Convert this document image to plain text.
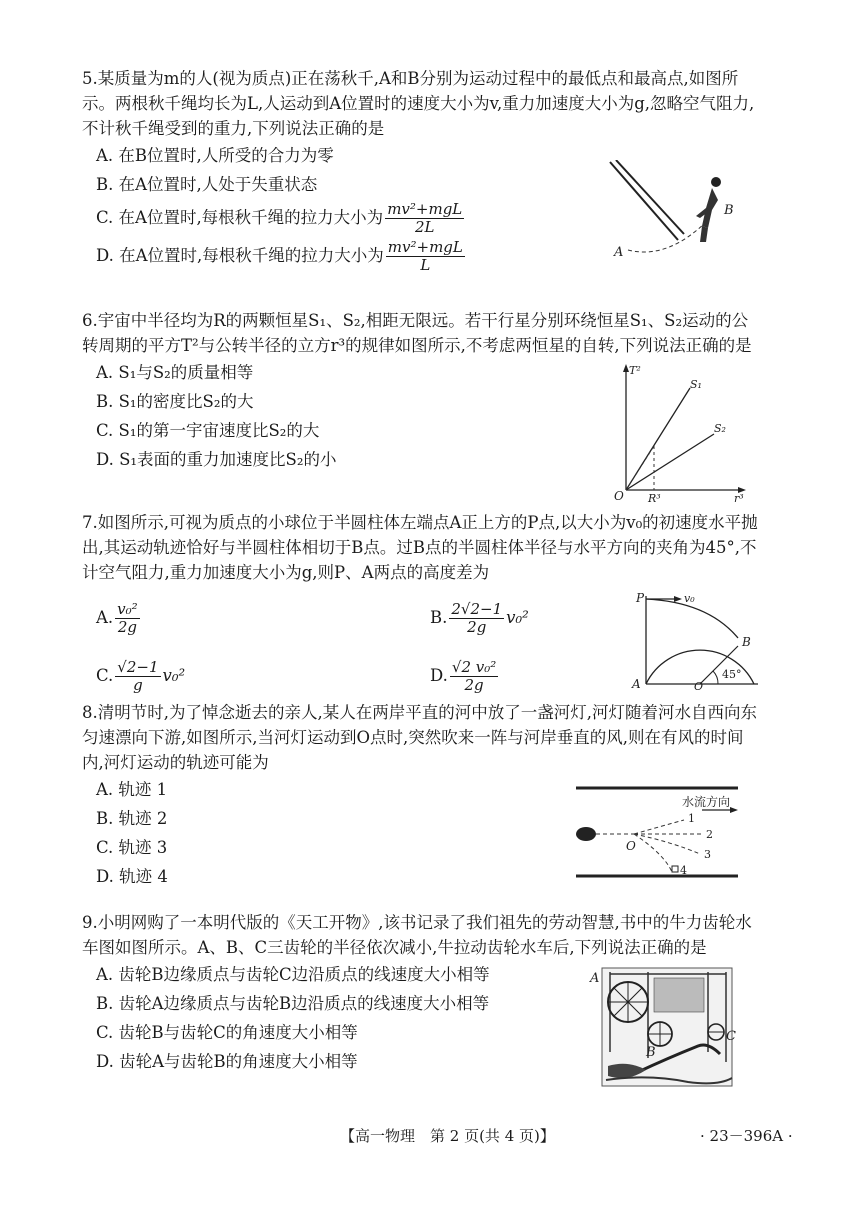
5.某质量为m的人(视为质点)正在荡秋千,A和B分别为运动过程中的最低点和最高点,如图所示。两根秋千绳均长为L,人运动到A位置时的速度大小为v,重力加速度大小为g,忽略空气阻力,不计秋千绳受到的重力,下列说法正确的是

A. 在B位置时,人所受的合力为零

B. 在A位置时,人处于失重状态

C. 在A位置时,每根秋千绳的拉力大小为 $\frac{\text{mv²+mgL}}{2L}$

D. 在A位置时,每根秋千绳的拉力大小为 $\frac{\text{mv²+mgL}}{L}$

B
A

6.宇宙中半径均为R的两颗恒星S₁、S₂,相距无限远。若干行星分别环绕恒星S₁、S₂运动的公转周期的平方T²与公转半径的立方r³的规律如图所示,不考虑两恒星的自转,下列说法正确的是

A. S₁与S₂的质量相等

B. S₁的密度比S₂的大

C. S₁的第一宇宙速度比S₂的大

D. S₁表面的重力加速度比S₂的小

T²
r³
O R³
S₁
S₂

7.如图所示,可视为质点的小球位于半圆柱体左端点A正上方的P点,以大小为v₀的初速度水平抛出,其运动轨迹恰好与半圆柱体相切于B点。过B点的半圆柱体半径与水平方向的夹角为45°,不计空气阻力,重力加速度大小为g,则P、A两点的高度差为

A. $\frac{\text{v₀²}}{2g}$	B. $\frac{2√2-1}{2g} v_0^2$
C. $\frac{√2-1}{g} v_0^2$	D. $\frac{\text{√2 v₀²}}{2g}$
P	v₀
B
A	O
45°

8.清明节时,为了悼念逝去的亲人,某人在两岸平直的河中放了一盏河灯,河灯随着河水自西向东匀速漂向下游,如图所示,当河灯运动到O点时,突然吹来一阵与河岸垂直的风,则在有风的时间内,河灯运动的轨迹可能为

A. 轨迹 1

B. 轨迹 2

C. 轨迹 3

D. 轨迹 4

水流方向
O
1
2
3
4

9.小明网购了一本明代版的《天工开物》,该书记录了我们祖先的劳动智慧,书中的牛力齿轮水车图如图所示。A、B、C三齿轮的半径依次减小,牛拉动齿轮水车后,下列说法正确的是

A. 齿轮B边缘质点与齿轮C边沿质点的线速度大小相等

B. 齿轮A边缘质点与齿轮B边沿质点的线速度大小相等

C. 齿轮B与齿轮C的角速度大小相等

D. 齿轮A与齿轮B的角速度大小相等

A
B
C
【高一物理　第 2 页(共 4 页)】	· 23－396A ·
